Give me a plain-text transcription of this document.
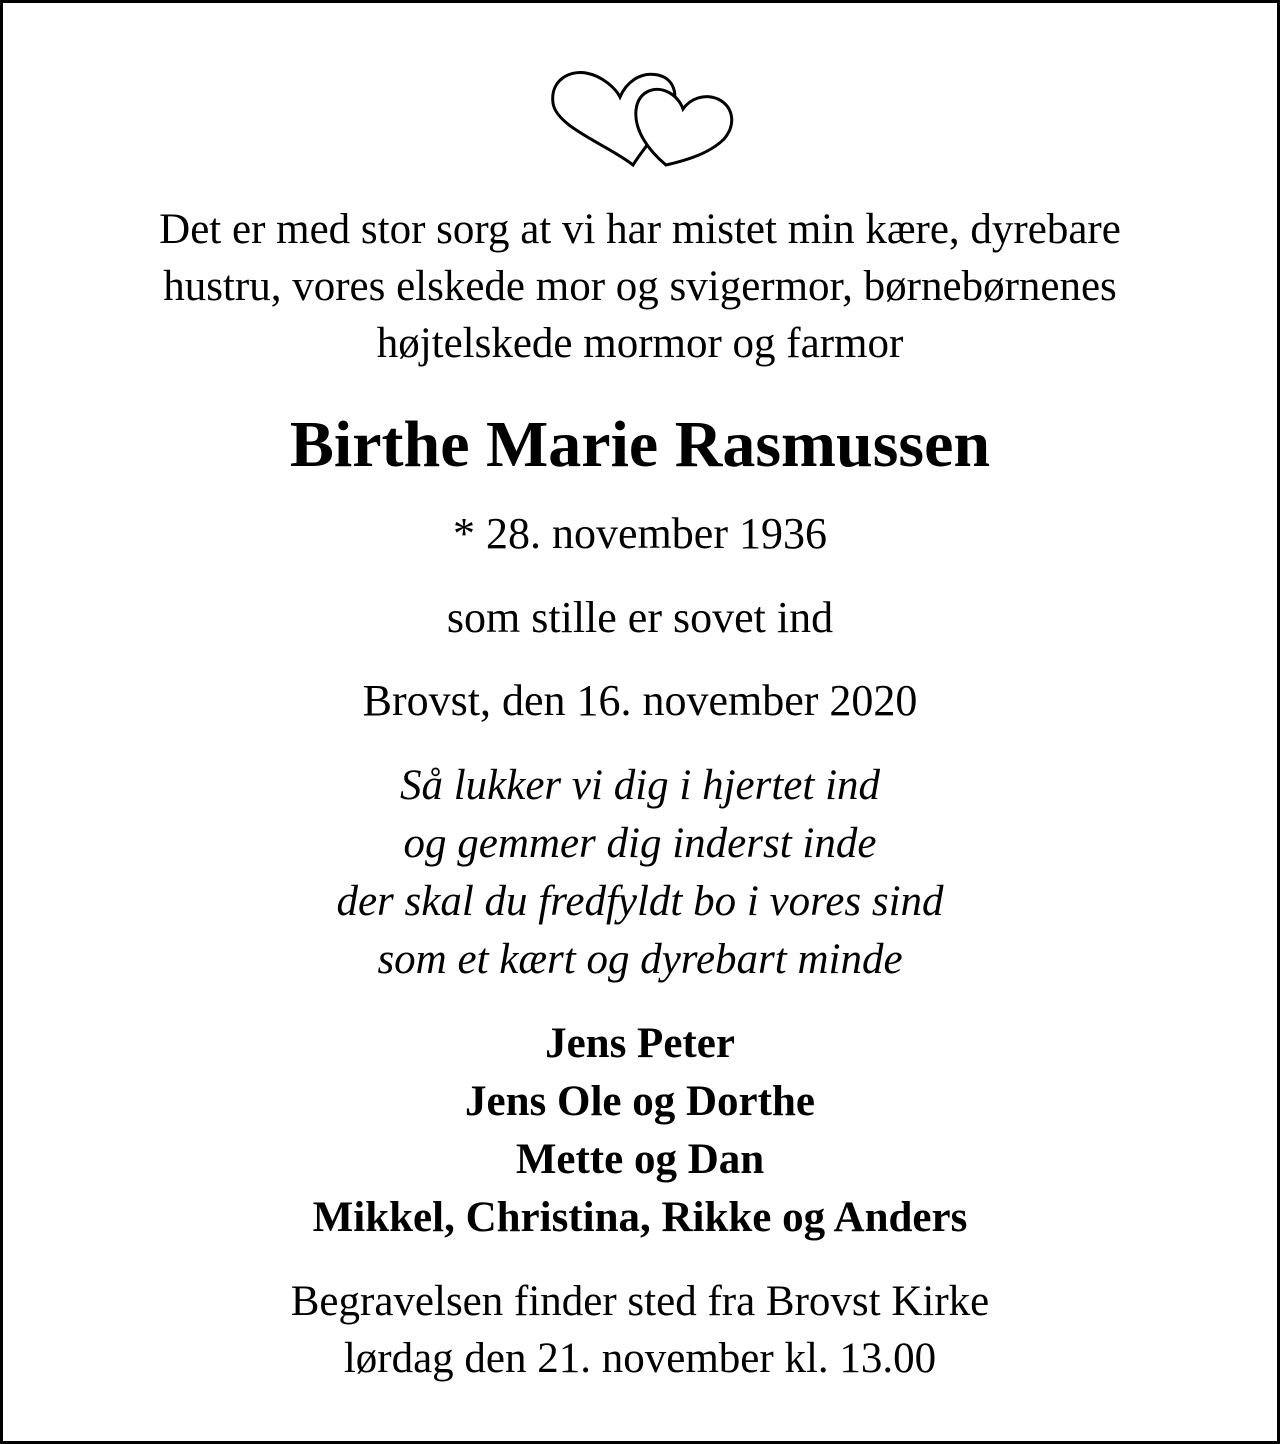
Det er med stor sorg at vi har mistet min kære, dyrebare
hustru, vores elskede mor og svigermor, børnebørnenes
højtelskede mormor og farmor
Birthe Marie Rasmussen
* 28. november 1936
som stille er sovet ind
Brovst, den 16. november 2020
Så lukker vi dig i hjertet ind
og gemmer dig inderst inde
der skal du fredfyldt bo i vores sind
som et kært og dyrebart minde
Jens Peter
Jens Ole og Dorthe
Mette og Dan
Mikkel, Christina, Rikke og Anders
Begravelsen finder sted fra Brovst Kirke
lørdag den 21. november kl. 13.00
